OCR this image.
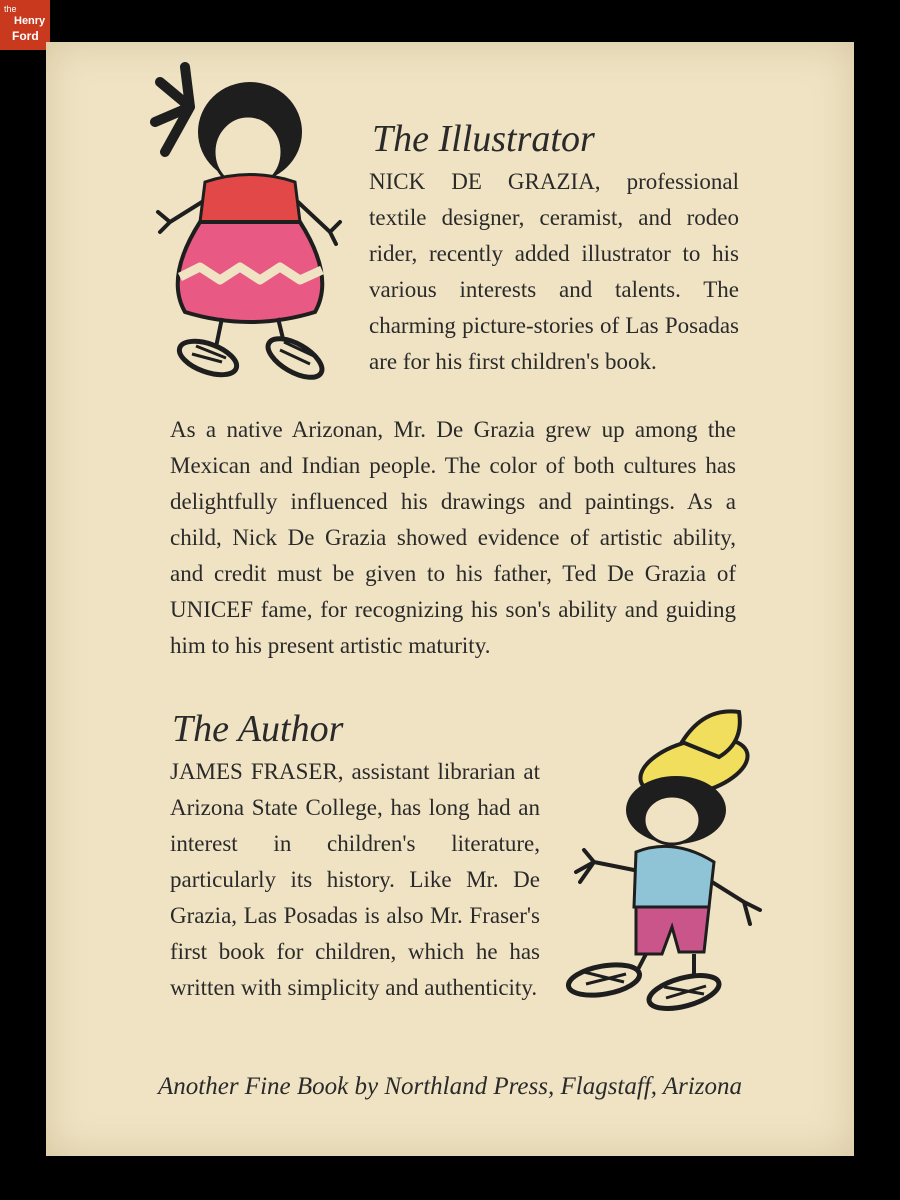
the
Henry
Ford
The Illustrator

NICK DE GRAZIA, professional textile designer, ceramist, and rodeo rider, recently added illustrator to his various interests and talents. The charming picture-stories of Las Posadas are for his first children's book.

As a native Arizonan, Mr. De Grazia grew up among the Mexican and Indian people. The color of both cultures has delightfully influenced his drawings and paintings. As a child, Nick De Grazia showed evidence of artistic ability, and credit must be given to his father, Ted De Grazia of UNICEF fame, for recognizing his son's ability and guiding him to his present artistic maturity.

The Author

JAMES FRASER, assistant librarian at Arizona State College, has long had an interest in children's literature, particularly its history. Like Mr. De Grazia, Las Posadas is also Mr. Fraser's first book for children, which he has written with simplicity and authenticity.

Another Fine Book by Northland Press, Flagstaff, Arizona
